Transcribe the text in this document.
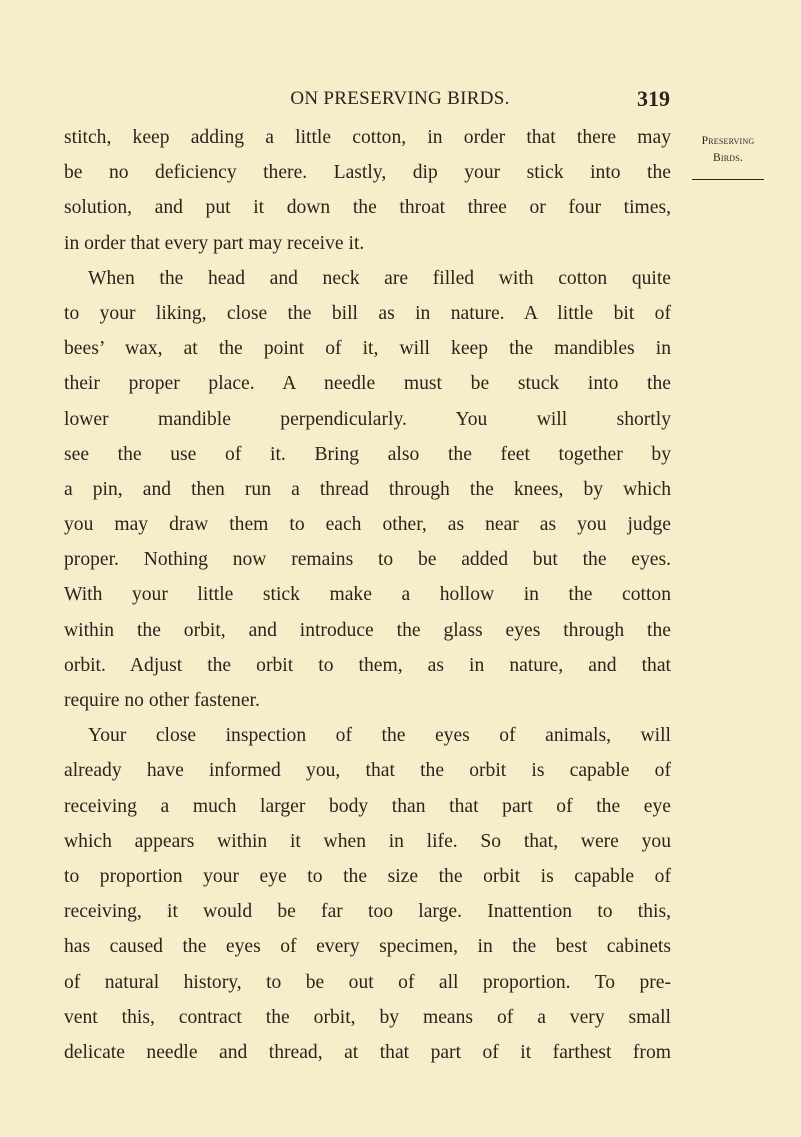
ON PRESERVING BIRDS.	319
Preserving
Birds.
stitch, keep adding a little cotton, in order that there may
be no deficiency there. Lastly, dip your stick into the
solution, and put it down the throat three or four times,
in order that every part may receive it.
When the head and neck are filled with cotton quite
to your liking, close the bill as in nature. A little bit of
bees’ wax, at the point of it, will keep the mandibles in
their proper place. A needle must be stuck into the
lower mandible perpendicularly. You will shortly
see the use of it. Bring also the feet together by
a pin, and then run a thread through the knees, by which
you may draw them to each other, as near as you judge
proper. Nothing now remains to be added but the eyes.
With your little stick make a hollow in the cotton
within the orbit, and introduce the glass eyes through the
orbit. Adjust the orbit to them, as in nature, and that
require no other fastener.
Your close inspection of the eyes of animals, will
already have informed you, that the orbit is capable of
receiving a much larger body than that part of the eye
which appears within it when in life. So that, were you
to proportion your eye to the size the orbit is capable of
receiving, it would be far too large. Inattention to this,
has caused the eyes of every specimen, in the best cabinets
of natural history, to be out of all proportion. To pre-
vent this, contract the orbit, by means of a very small
delicate needle and thread, at that part of it farthest from
